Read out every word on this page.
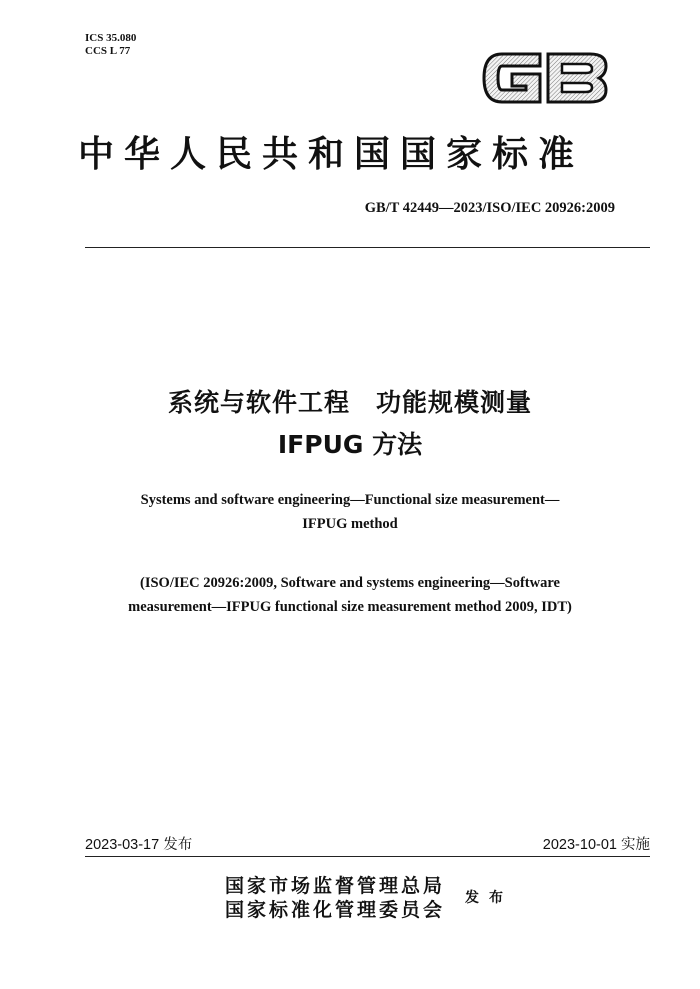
ICS 35.080
CCS L 77
中华人民共和国国家标准
GB/T 42449—2023/ISO/IEC 20926:2009
系统与软件工程　功能规模测量
IFPUG 方法
Systems and software engineering—Functional size measurement—
IFPUG method
(ISO/IEC 20926:2009, Software and systems engineering—Software
measurement—IFPUG functional size measurement method 2009, IDT)
2023-03-17 发布	2023-10-01 实施
国家市场监督管理总局
国家标准化管理委员会
发布
